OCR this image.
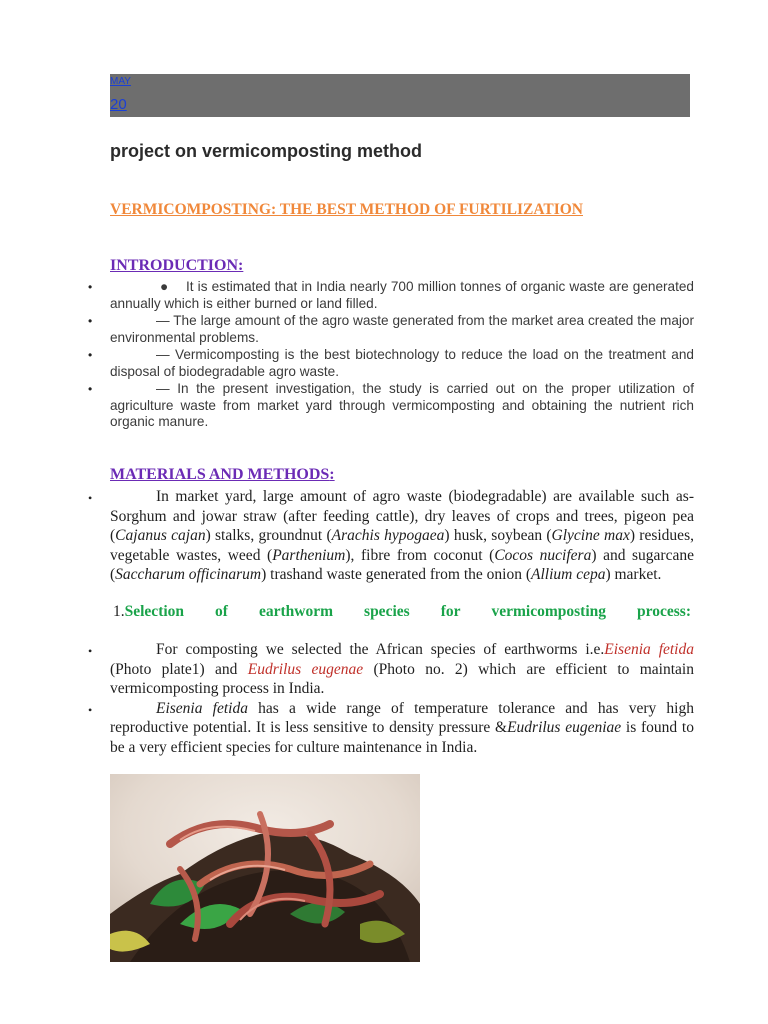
MAY
20
project on vermicomposting method
VERMICOMPOSTING: THE BEST METHOD OF FURTILIZATION
INTRODUCTION:
•	● It is estimated that in India nearly 700 million tonnes of organic waste are generated annually which is either burned or land filled.
•	— The large amount of the agro waste generated from the market area created the major environmental problems.
•	— Vermicomposting is the best biotechnology to reduce the load on the treatment and disposal of biodegradable agro waste.
•	— In the present investigation, the study is carried out on the proper utilization of agriculture waste from market yard through vermicomposting and obtaining the nutrient rich organic manure.
MATERIALS AND METHODS:
•	In market yard, large amount of agro waste (biodegradable) are available such as-Sorghum and jowar straw (after feeding cattle), dry leaves of crops and trees, pigeon pea (Cajanus cajan) stalks, groundnut (Arachis hypogaea) husk, soybean (Glycine max) residues, vegetable wastes, weed (Parthenium), fibre from coconut (Cocos nucifera) and sugarcane (Saccharum officinarum) trashand waste generated from the onion (Allium cepa) market.
1.Selection of earthworm species for vermicomposting process:
•	For composting we selected the African species of earthworms i.e.Eisenia fetida (Photo plate1) and Eudrilus eugenae (Photo no. 2) which are efficient to maintain vermicomposting process in India.
•	Eisenia fetida has a wide range of temperature tolerance and has very high reproductive potential. It is less sensitive to density pressure &Eudrilus eugeniae is found to be a very efficient species for culture maintenance in India.
